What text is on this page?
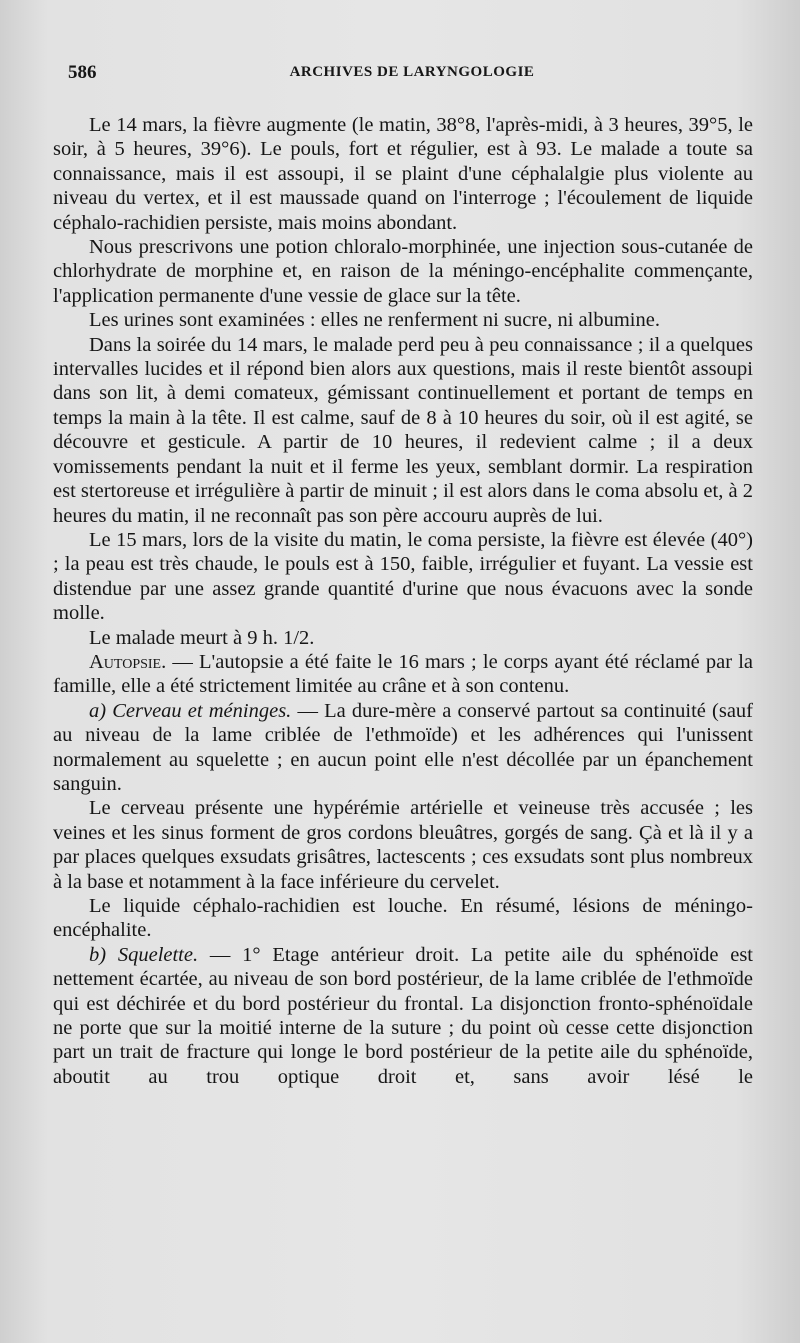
586	ARCHIVES DE LARYNGOLOGIE

Le 14 mars, la fièvre augmente (le matin, 38°8, l'après-midi, à 3 heures, 39°5, le soir, à 5 heures, 39°6). Le pouls, fort et régulier, est à 93. Le malade a toute sa connaissance, mais il est assoupi, il se plaint d'une céphalalgie plus violente au niveau du vertex, et il est maussade quand on l'interroge ; l'écoulement de liquide céphalo-rachidien persiste, mais moins abondant.

Nous prescrivons une potion chloralo-morphinée, une injection sous-cutanée de chlorhydrate de morphine et, en raison de la méningo-encéphalite commençante, l'application permanente d'une vessie de glace sur la tête.

Les urines sont examinées : elles ne renferment ni sucre, ni albumine.

Dans la soirée du 14 mars, le malade perd peu à peu connaissance ; il a quelques intervalles lucides et il répond bien alors aux questions, mais il reste bientôt assoupi dans son lit, à demi comateux, gémissant continuellement et portant de temps en temps la main à la tête. Il est calme, sauf de 8 à 10 heures du soir, où il est agité, se découvre et gesticule. A partir de 10 heures, il redevient calme ; il a deux vomissements pendant la nuit et il ferme les yeux, semblant dormir. La respiration est stertoreuse et irrégulière à partir de minuit ; il est alors dans le coma absolu et, à 2 heures du matin, il ne reconnaît pas son père accouru auprès de lui.

Le 15 mars, lors de la visite du matin, le coma persiste, la fièvre est élevée (40°) ; la peau est très chaude, le pouls est à 150, faible, irrégulier et fuyant. La vessie est distendue par une assez grande quantité d'urine que nous évacuons avec la sonde molle.

Le malade meurt à 9 h. 1/2.

Autopsie. — L'autopsie a été faite le 16 mars ; le corps ayant été réclamé par la famille, elle a été strictement limitée au crâne et à son contenu.

a) Cerveau et méninges. — La dure-mère a conservé partout sa continuité (sauf au niveau de la lame criblée de l'ethmoïde) et les adhérences qui l'unissent normalement au squelette ; en aucun point elle n'est décollée par un épanchement sanguin.

Le cerveau présente une hypérémie artérielle et veineuse très accusée ; les veines et les sinus forment de gros cordons bleuâtres, gorgés de sang. Çà et là il y a par places quelques exsudats grisâtres, lactescents ; ces exsudats sont plus nombreux à la base et notamment à la face inférieure du cervelet.

Le liquide céphalo-rachidien est louche. En résumé, lésions de méningo-encéphalite.

b) Squelette. — 1° Etage antérieur droit. La petite aile du sphénoïde est nettement écartée, au niveau de son bord postérieur, de la lame criblée de l'ethmoïde qui est déchirée et du bord postérieur du frontal. La disjonction fronto-sphénoïdale ne porte que sur la moitié interne de la suture ; du point où cesse cette disjonction part un trait de fracture qui longe le bord postérieur de la petite aile du sphénoïde, aboutit au trou optique droit et, sans avoir lésé le
